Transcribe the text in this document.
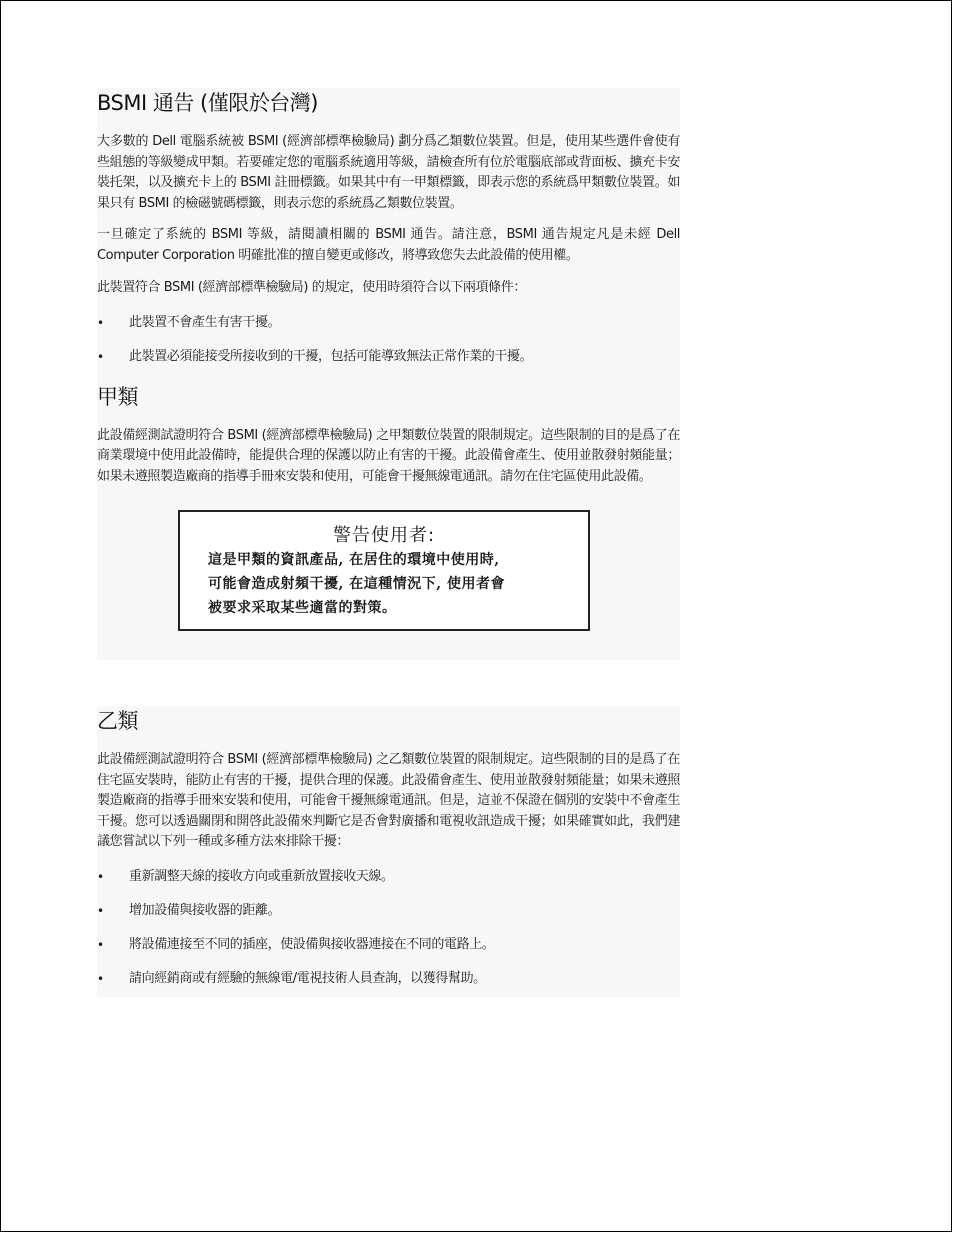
BSMI 通告 (僅限於台灣)

大多數的 Dell 電腦系統被 BSMI (經濟部標準檢驗局) 劃分爲乙類數位裝置。但是，使用某些選件會使有些組態的等級變成甲類。若要確定您的電腦系統適用等級，請檢查所有位於電腦底部或背面板、擴充卡安裝托架，以及擴充卡上的 BSMI 註冊標籤。如果其中有一甲類標籤，即表示您的系統爲甲類數位裝置。如果只有 BSMI 的檢磁號碼標籤，則表示您的系統爲乙類數位裝置。

一旦確定了系統的 BSMI 等級，請閱讀相關的 BSMI 通告。請注意，BSMI 通告規定凡是未經 Dell Computer Corporation 明確批准的擅自變更或修改，將導致您失去此設備的使用權。

此裝置符合 BSMI (經濟部標準檢驗局) 的規定，使用時須符合以下兩項條件：

• 此裝置不會產生有害干擾。
• 此裝置必須能接受所接收到的干擾，包括可能導致無法正常作業的干擾。
甲類

此設備經測試證明符合 BSMI (經濟部標準檢驗局) 之甲類數位裝置的限制規定。這些限制的目的是爲了在商業環境中使用此設備時，能提供合理的保護以防止有害的干擾。此設備會產生、使用並散發射頻能量；如果未遵照製造廠商的指導手冊來安裝和使用，可能會干擾無線電通訊。請勿在住宅區使用此設備。

警告使用者:
這是甲類的資訊產品, 在居住的環境中使用時,
可能會造成射頻干擾, 在這種情況下, 使用者會
被要求采取某些適當的對策。
乙類

此設備經測試證明符合 BSMI (經濟部標準檢驗局) 之乙類數位裝置的限制規定。這些限制的目的是爲了在住宅區安裝時，能防止有害的干擾，提供合理的保護。此設備會產生、使用並散發射頻能量；如果未遵照製造廠商的指導手冊來安裝和使用，可能會干擾無線電通訊。但是，這並不保證在個別的安裝中不會產生干擾。您可以透過關閉和開啓此設備來判斷它是否會對廣播和電視收訊造成干擾；如果確實如此，我們建議您嘗試以下列一種或多種方法來排除干擾：

• 重新調整天線的接收方向或重新放置接收天線。
• 增加設備與接收器的距離。
• 將設備連接至不同的插座，使設備與接收器連接在不同的電路上。
• 請向經銷商或有經驗的無線電/電視技術人員查詢，以獲得幫助。
